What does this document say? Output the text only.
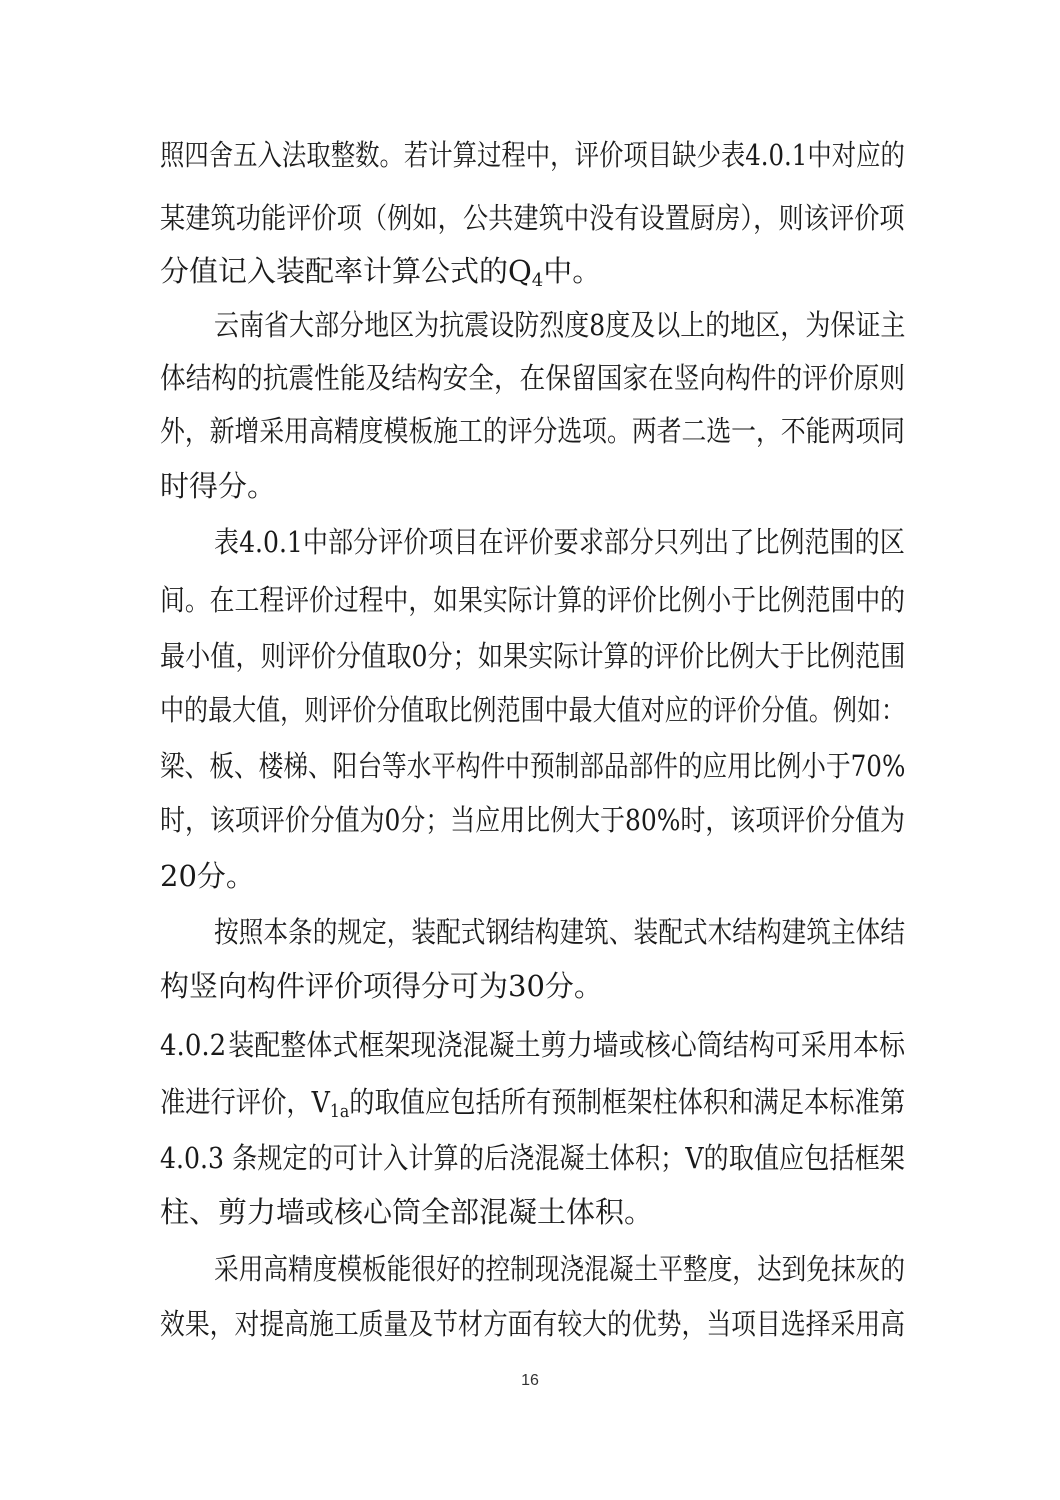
照四舍五入法取整数。若计算过程中，评价项目缺少表4.0.1中对应的
某建筑功能评价项（例如，公共建筑中没有设置厨房），则该评价项
分值记入装配率计算公式的$Q_4$中。
云南省大部分地区为抗震设防烈度8度及以上的地区，为保证主
体结构的抗震性能及结构安全，在保留国家在竖向构件的评价原则
外，新增采用高精度模板施工的评分选项。两者二选一，不能两项同
时得分。
表4.0.1中部分评价项目在评价要求部分只列出了比例范围的区
间。在工程评价过程中，如果实际计算的评价比例小于比例范围中的
最小值，则评价分值取0分；如果实际计算的评价比例大于比例范围
中的最大值，则评价分值取比例范围中最大值对应的评价分值。例如：
梁、板、楼梯、阳台等水平构件中预制部品部件的应用比例小于70%
时，该项评价分值为0分；当应用比例大于80%时，该项评价分值为
20分。
按照本条的规定，装配式钢结构建筑、装配式木结构建筑主体结
构竖向构件评价项得分可为30分。
4.0.2装配整体式框架现浇混凝土剪力墙或核心筒结构可采用本标
准进行评价，$V_{1a}$的取值应包括所有预制框架柱体积和满足本标准第
4.0.3 条规定的可计入计算的后浇混凝土体积；V的取值应包括框架
柱、剪力墙或核心筒全部混凝土体积。
采用高精度模板能很好的控制现浇混凝土平整度，达到免抹灰的
效果，对提高施工质量及节材方面有较大的优势，当项目选择采用高
16
